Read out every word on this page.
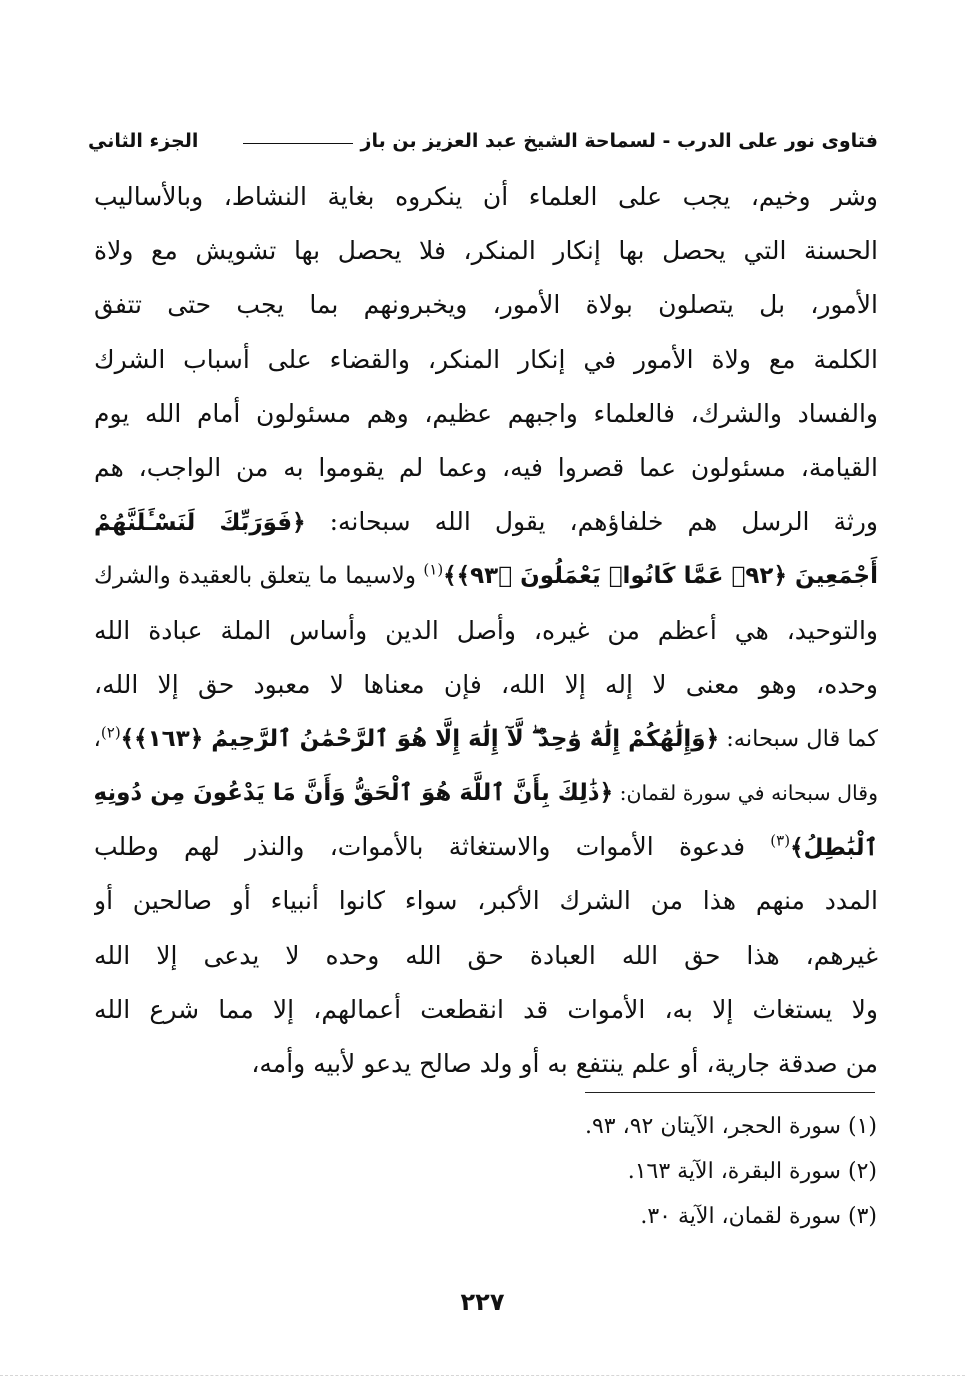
فتاوى نور على الدرب - لسماحة الشيخ عبد العزيز بن باز
الجزء الثاني
وشر وخيم، يجب على العلماء أن ينكروه بغاية النشاط، وبالأساليب
الحسنة التي يحصل بها إنكار المنكر، فلا يحصل بها تشويش مع ولاة
الأمور، بل يتصلون بولاة الأمور، ويخبرونهم بما يجب حتى تتفق
الكلمة مع ولاة الأمور في إنكار المنكر، والقضاء على أسباب الشرك
والفساد والشرك، فالعلماء واجبهم عظيم، وهم مسئولون أمام الله يوم
القيامة، مسئولون عما قصروا فيه، وعما لم يقوموا به من الواجب، هم
ورثة الرسل هم خلفاؤهم، يقول الله سبحانه: ﴿فَوَرَبِّكَ لَنَسْـَٔلَنَّهُمْ
أَجْمَعِينَ ﴿٩٢﴾ عَمَّا كَانُوا۟ يَعْمَلُونَ ﴿٩٣﴾﴾$^{(١)}$ ولاسيما ما يتعلق بالعقيدة والشرك
والتوحيد، هي أعظم من غيره، وأصل الدين وأساس الملة عبادة الله
وحده، وهو معنى لا إله إلا الله، فإن معناها لا معبود حق إلا الله،
كما قال سبحانه: ﴿وَإِلَٰهُكُمْ إِلَٰهٌ وَٰحِدٌ ۖ لَّآ إِلَٰهَ إِلَّا هُوَ ٱلرَّحْمَٰنُ ٱلرَّحِيمُ ﴿١٦٣﴾﴾$^{(٢)}$،
وقال سبحانه في سورة لقمان: ﴿ذَٰلِكَ بِأَنَّ ٱللَّهَ هُوَ ٱلْحَقُّ وَأَنَّ مَا يَدْعُونَ مِن دُونِهِ
ٱلْبَٰطِلُ﴾$^{(٣)}$ فدعوة الأموات والاستغاثة بالأموات، والنذر لهم وطلب
المدد منهم هذا من الشرك الأكبر، سواء كانوا أنبياء أو صالحين أو
غيرهم، هذا حق الله العبادة حق الله وحده لا يدعى إلا الله
ولا يستغاث إلا به، الأموات قد انقطعت أعمالهم، إلا مما شرع الله
من صدقة جارية، أو علم ينتفع به أو ولد صالح يدعو لأبيه وأمه،
(١) سورة الحجر، الآيتان ٩٢، ٩٣.
(٢) سورة البقرة، الآية ١٦٣.
(٣) سورة لقمان، الآية ٣٠.
٢٢٧
